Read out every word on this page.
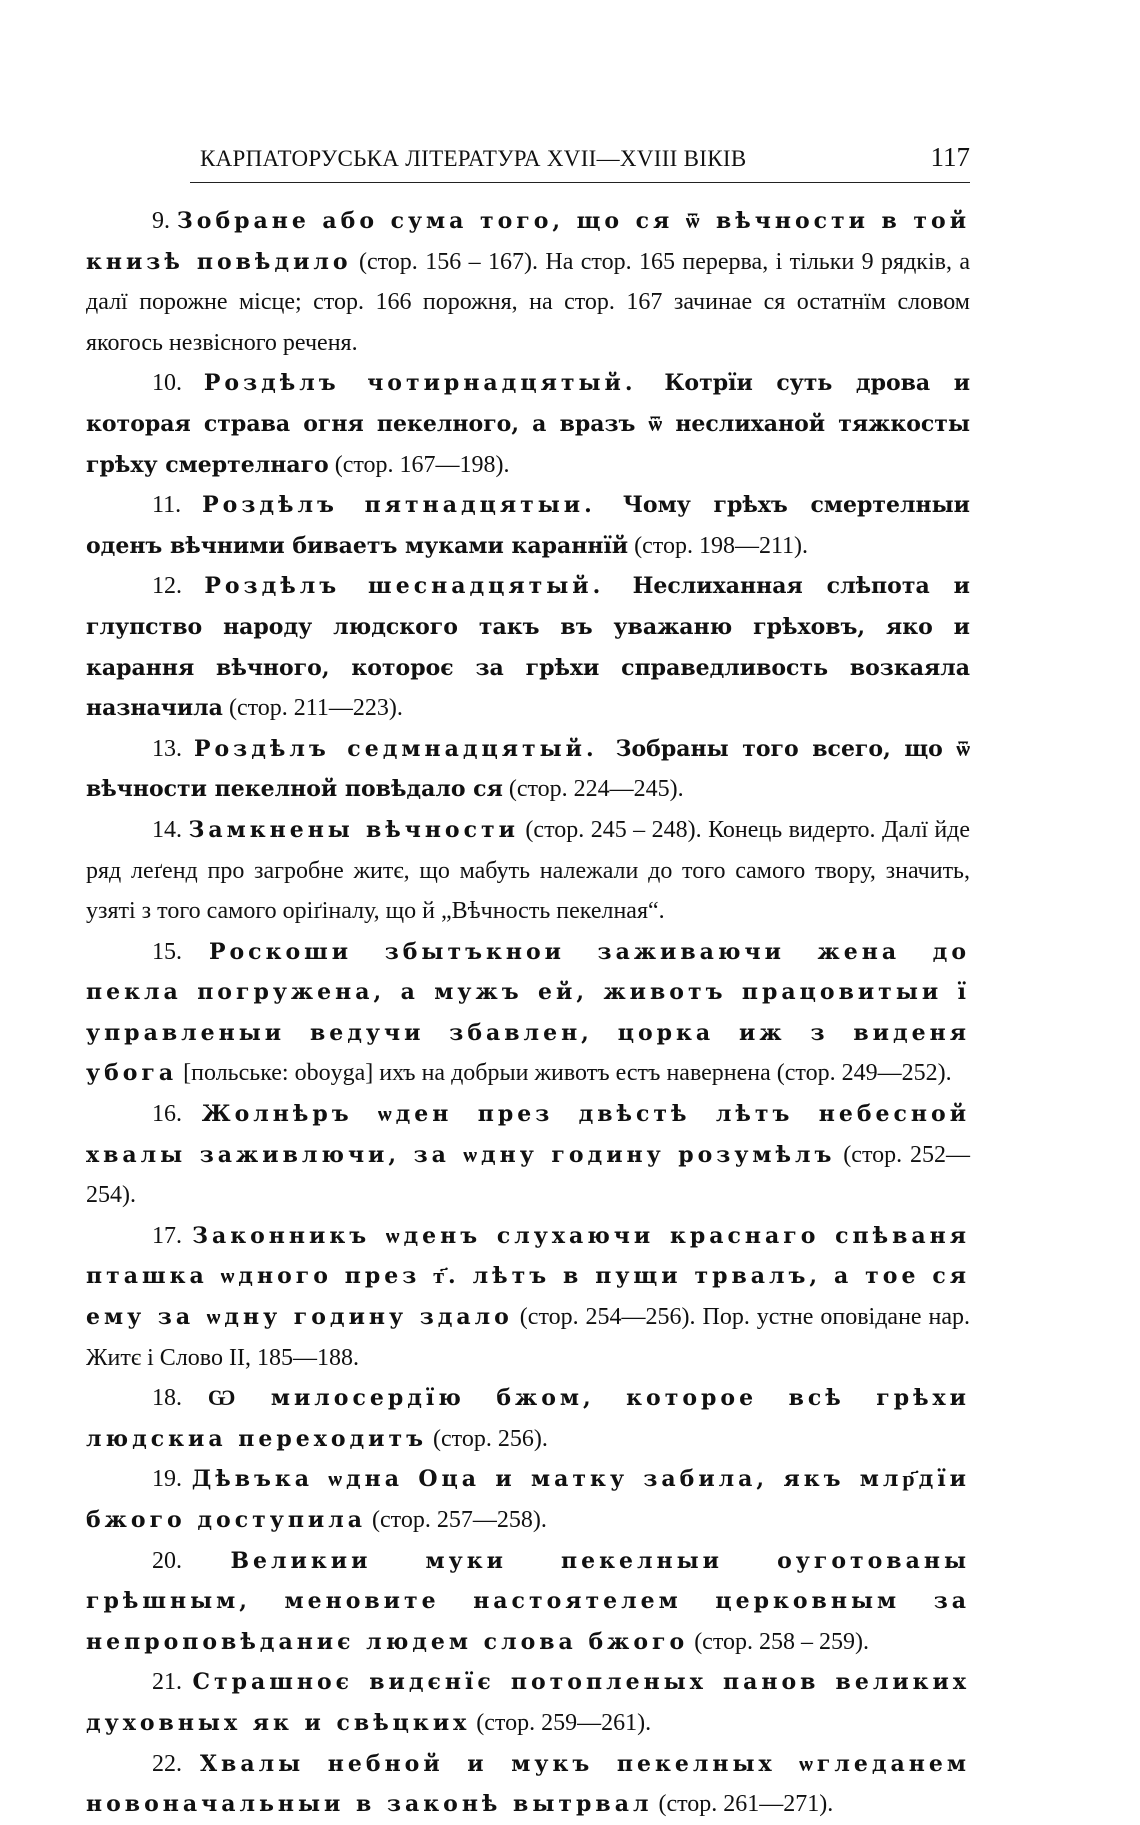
КАРПАТОРУСЬКА ЛІТЕРАТУРА XVII—XVIII ВІКІВ	117

9. Зобране або сума того, що ся ѿ вѣчности в той книзѣ повѣдило (стор. 156 – 167). На стор. 165 перерва, і тільки 9 рядків, а далї порожне місце; стор. 166 порожня, на стор. 167 зачинае ся остатнїм словом якогось незвісного реченя.

10. Роздѣлъ чотирнадцятый. Котрїи суть дрова и которая страва огня пекелного, а вразъ ѿ неслиханой тяжкосты грѣху смертелнаго (стор. 167—198).

11. Роздѣлъ пятнадцятыи. Чому грѣхъ смертелныи оденъ вѣчними биваетъ муками караннїй (стор. 198—211).

12. Роздѣлъ шеснадцятый. Неслиханная слѣпота и глупство народу людского такъ въ уважаню грѣховъ, яко и карання вѣчного, котороє за грѣхи справедливость возкаяла назначила (стор. 211—223).

13. Роздѣлъ седмнадцятый. Зобраны того всего, що ѿ вѣчности пекелной повѣдало ся (стор. 224—245).

14. Замкнены вѣчности (стор. 245 – 248). Конець видерто. Далї йде ряд леґенд про загробне житє, що мабуть належали до того самого твору, значить, узяті з того самого оріґіналу, що й „Вѣчность пекелная“.

15. Роскоши збытъкнои заживаючи жена до пекла погружена, а мужъ ей, животъ працовитыи ї управленыи ведучи збавлен, цорка иж з виденя убога [польське: oboyga] ихъ на добрыи животъ естъ наверненa (стор. 249—252).

16. Жолнѣръ ѡден през двѣстѣ лѣтъ небесной хвалы заживлючи, за ѡдну годину розумѣлъ (стор. 252—254).

17. Законникъ ѡденъ слухаючи краснаго спѣваня пташка ѡдного през т҃. лѣтъ в пущи трвалъ, а тое ся ему за ѡдну годину здало (стор. 254—256). Пор. устне оповідане нар. Житє і Слово II, 185—188.

18. Ѡ милосердїю бжом, которое всѣ грѣхи людскиa переходитъ (стор. 256).

19. Дѣвъка ѡдна Оца и матку забила, якъ млр҃дїи бжого доступила (стор. 257—258).

20. Великии муки пекелныи оуготованы грѣшным, меновите настоятелем церковным за непроповѣданиє людем слова бжого (стор. 258 – 259).

21. Страшноє видєнїє потопленых панов великих духовных як и свѣцких (стор. 259—261).

22. Хвалы небной и мукъ пекелных ѡгледанем новоначальныи в законѣ вытрвал (стор. 261—271).
